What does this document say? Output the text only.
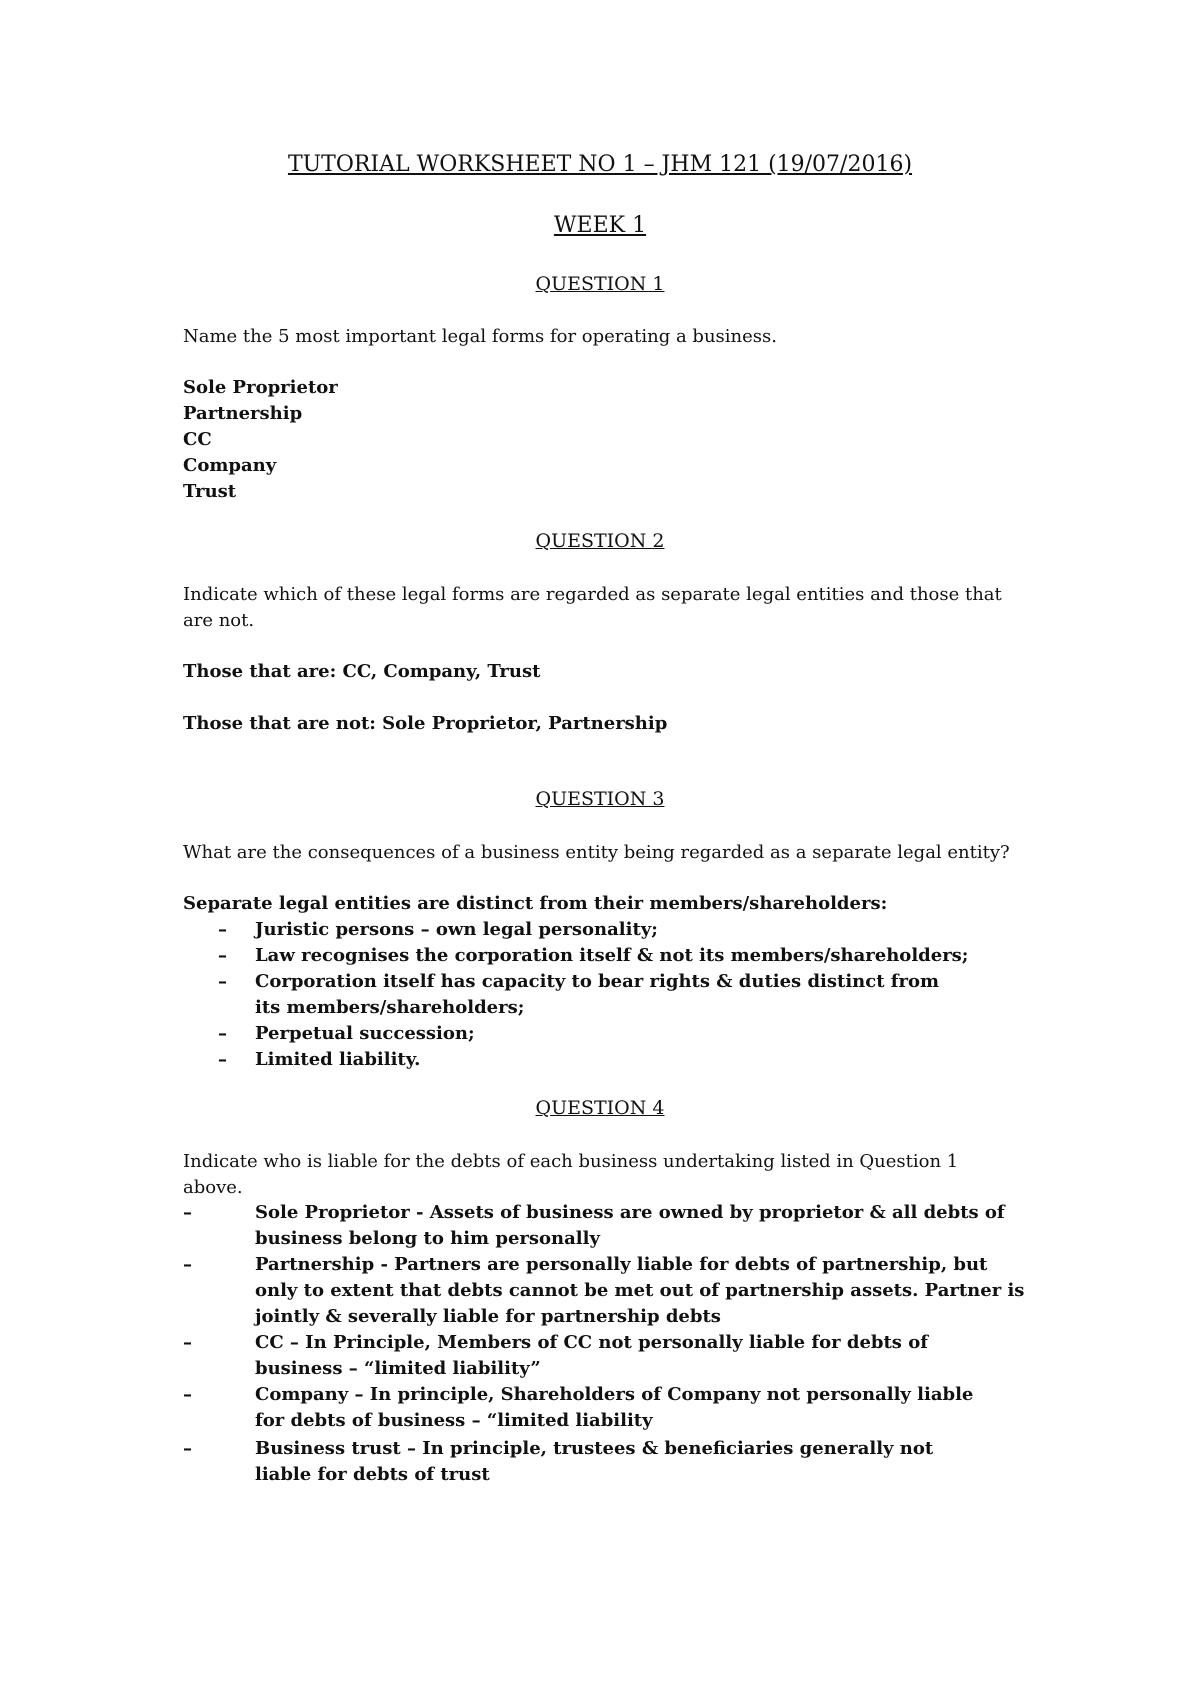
TUTORIAL WORKSHEET NO 1 – JHM 121 (19/07/2016)
WEEK 1
QUESTION 1
Name the 5 most important legal forms for operating a business.
Sole Proprietor
Partnership
CC
Company
Trust
QUESTION 2
Indicate which of these legal forms are regarded as separate legal entities and those that are not.
Those that are: CC, Company, Trust
Those that are not: Sole Proprietor, Partnership
QUESTION 3
What are the consequences of a business entity being regarded as a separate legal entity?
Separate legal entities are distinct from their members/shareholders:
– Juristic persons – own legal personality;
– Law recognises the corporation itself & not its members/shareholders;
– Corporation itself has capacity to bear rights & duties distinct from its members/shareholders;
– Perpetual succession;
– Limited liability.
QUESTION 4
Indicate who is liable for the debts of each business undertaking listed in Question 1 above.
–	Sole Proprietor - Assets of business are owned by proprietor & all debts of business belong to him personally
–	Partnership - Partners are personally liable for debts of partnership, but only to extent that debts cannot be met out of partnership assets. Partner is jointly & severally liable for partnership debts
–	CC – In Principle, Members of CC not personally liable for debts of business – “limited liability”
–	Company – In principle, Shareholders of Company not personally liable for debts of business – “limited liability
–	Business trust – In principle, trustees & beneficiaries generally not liable for debts of trust
